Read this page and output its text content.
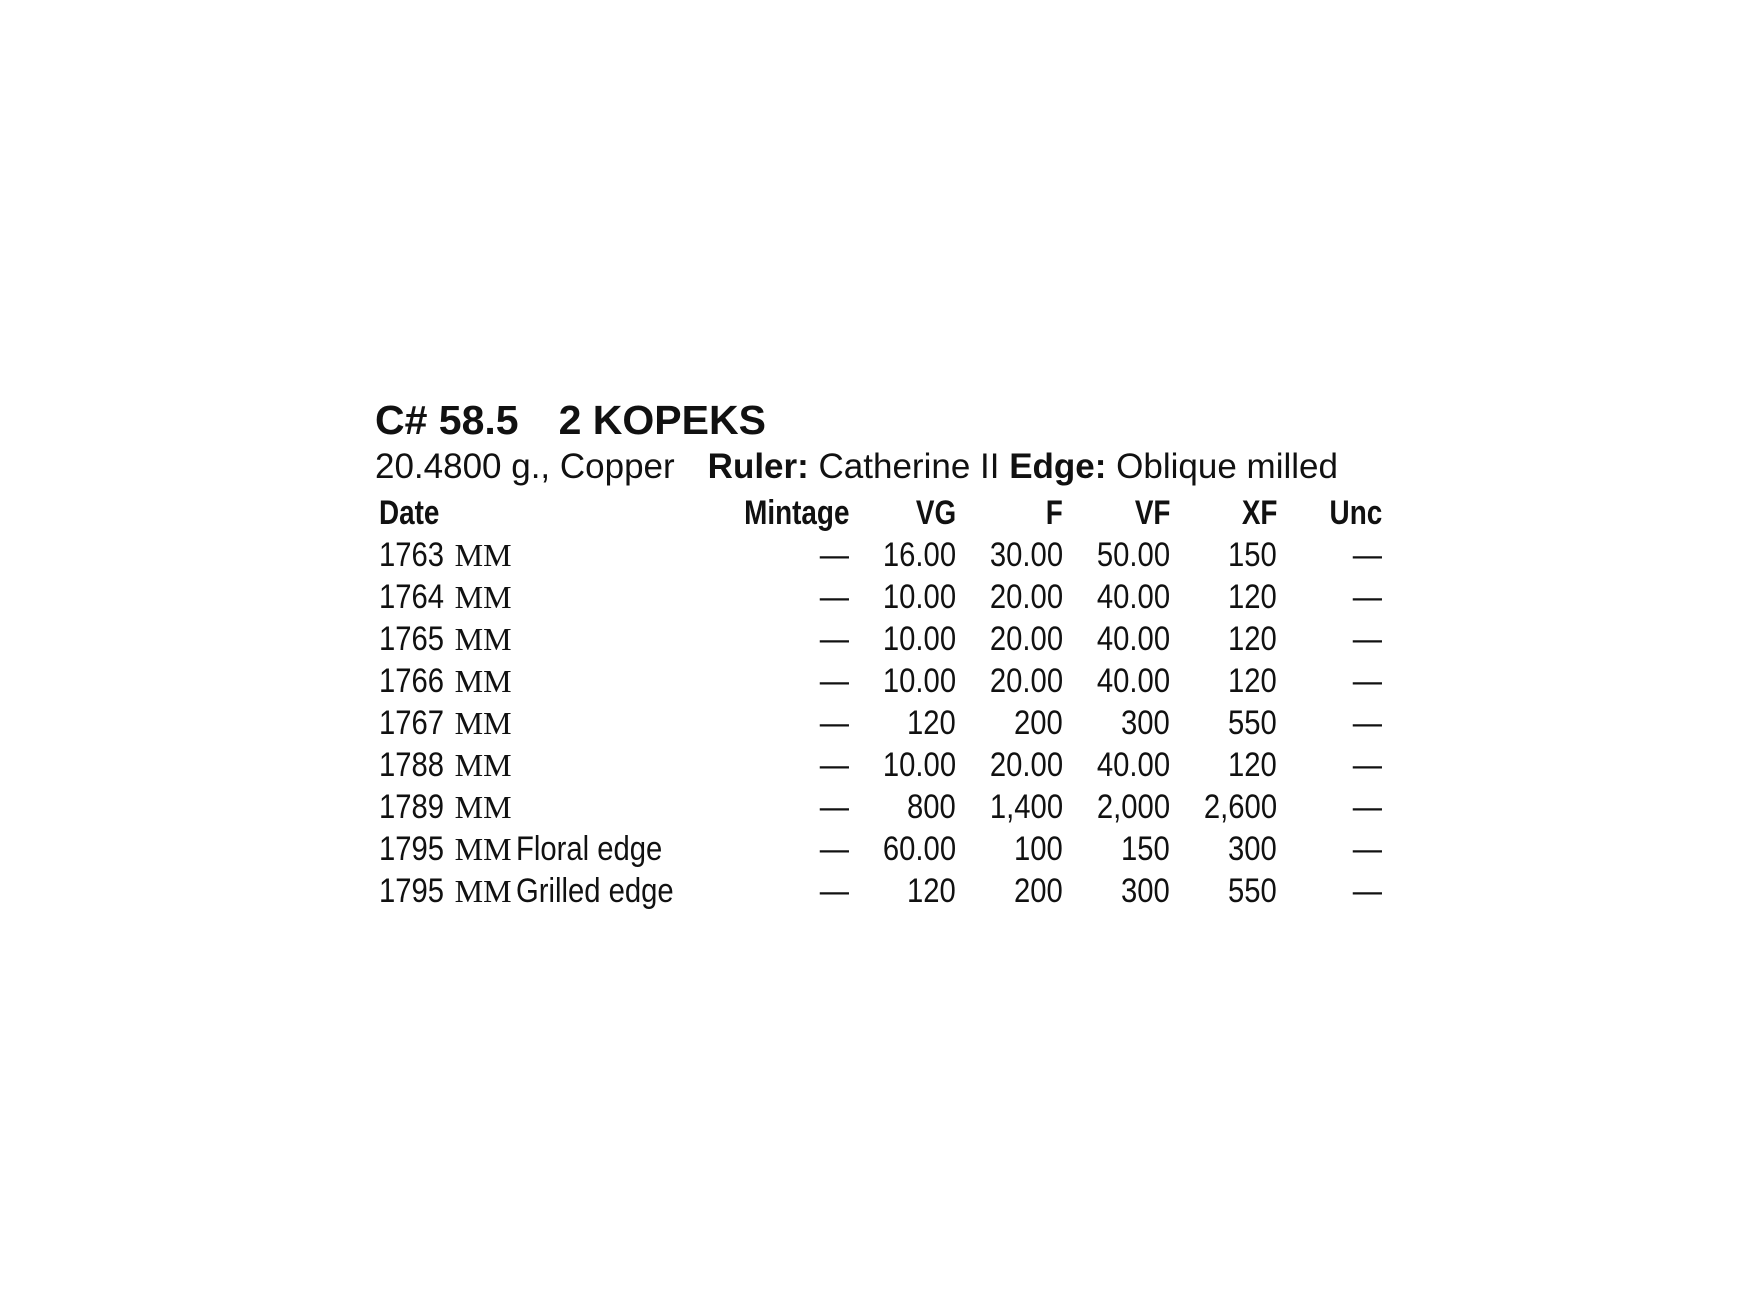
C# 58.5 2 KOPEKS
20.4800 g., Copper Ruler: Catherine II Edge: Oblique milled
Date	Mintage	VG	F	VF	XF	Unc
1763 MM	—	16.00	30.00	50.00	150	—
1764 MM	—	10.00	20.00	40.00	120	—
1765 MM	—	10.00	20.00	40.00	120	—
1766 MM	—	10.00	20.00	40.00	120	—
1767 MM	—	120	200	300	550	—
1788 MM	—	10.00	20.00	40.00	120	—
1789 MM	—	800	1,400	2,000	2,600	—
1795 MM Floral edge	—	60.00	100	150	300	—
1795 MM Grilled edge	—	120	200	300	550	—
